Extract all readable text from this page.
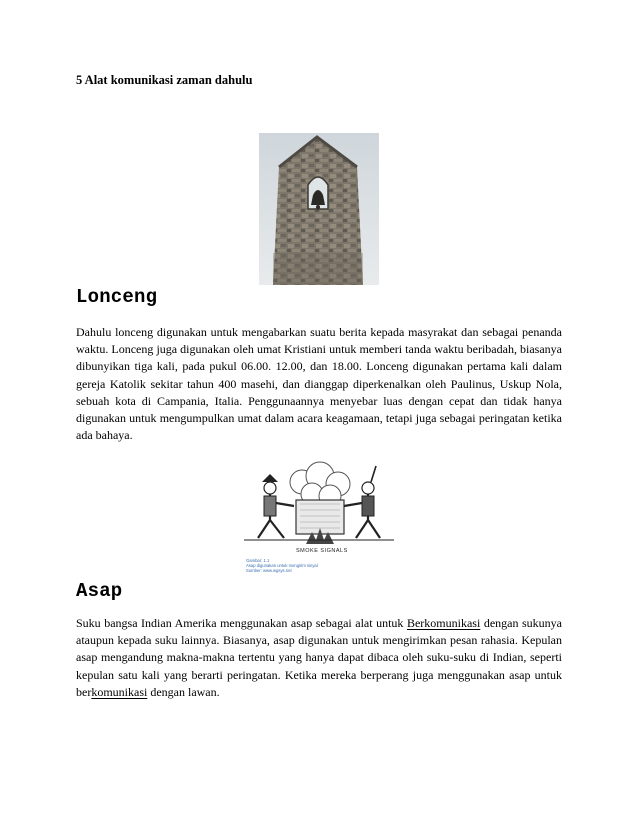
5 Alat komunikasi zaman dahulu
Lonceng

Dahulu lonceng digunakan untuk mengabarkan suatu berita kepada masyrakat dan sebagai penanda waktu. Lonceng juga digunakan oleh umat Kristiani untuk memberi tanda waktu beribadah, biasanya dibunyikan tiga kali, pada pukul 06.00. 12.00, dan 18.00. Lonceng digunakan pertama kali dalam gereja Katolik sekitar tahun 400 masehi, dan dianggap diperkenalkan oleh Paulinus, Uskup Nola, sebuah kota di Campania, Italia. Penggunaannya menyebar luas dengan cepat dan tidak hanya digunakan untuk mengumpulkan umat dalam acara keagamaan, tetapi juga sebagai peringatan ketika ada bahaya.

SMOKE SIGNALS
Gambar: 1.1
Asap digunakan untuk mengirim sinyal
Sumber: www.wgsys.net
Asap

Suku bangsa Indian Amerika menggunakan asap sebagai alat untuk Berkomunikasi dengan sukunya ataupun kepada suku lainnya. Biasanya, asap digunakan untuk mengirimkan pesan rahasia. Kepulan asap mengandung makna-makna tertentu yang hanya dapat dibaca oleh suku-suku di Indian, seperti kepulan satu kali yang berarti peringatan. Ketika mereka berperang juga menggunakan asap untuk berkomunikasi dengan lawan.
